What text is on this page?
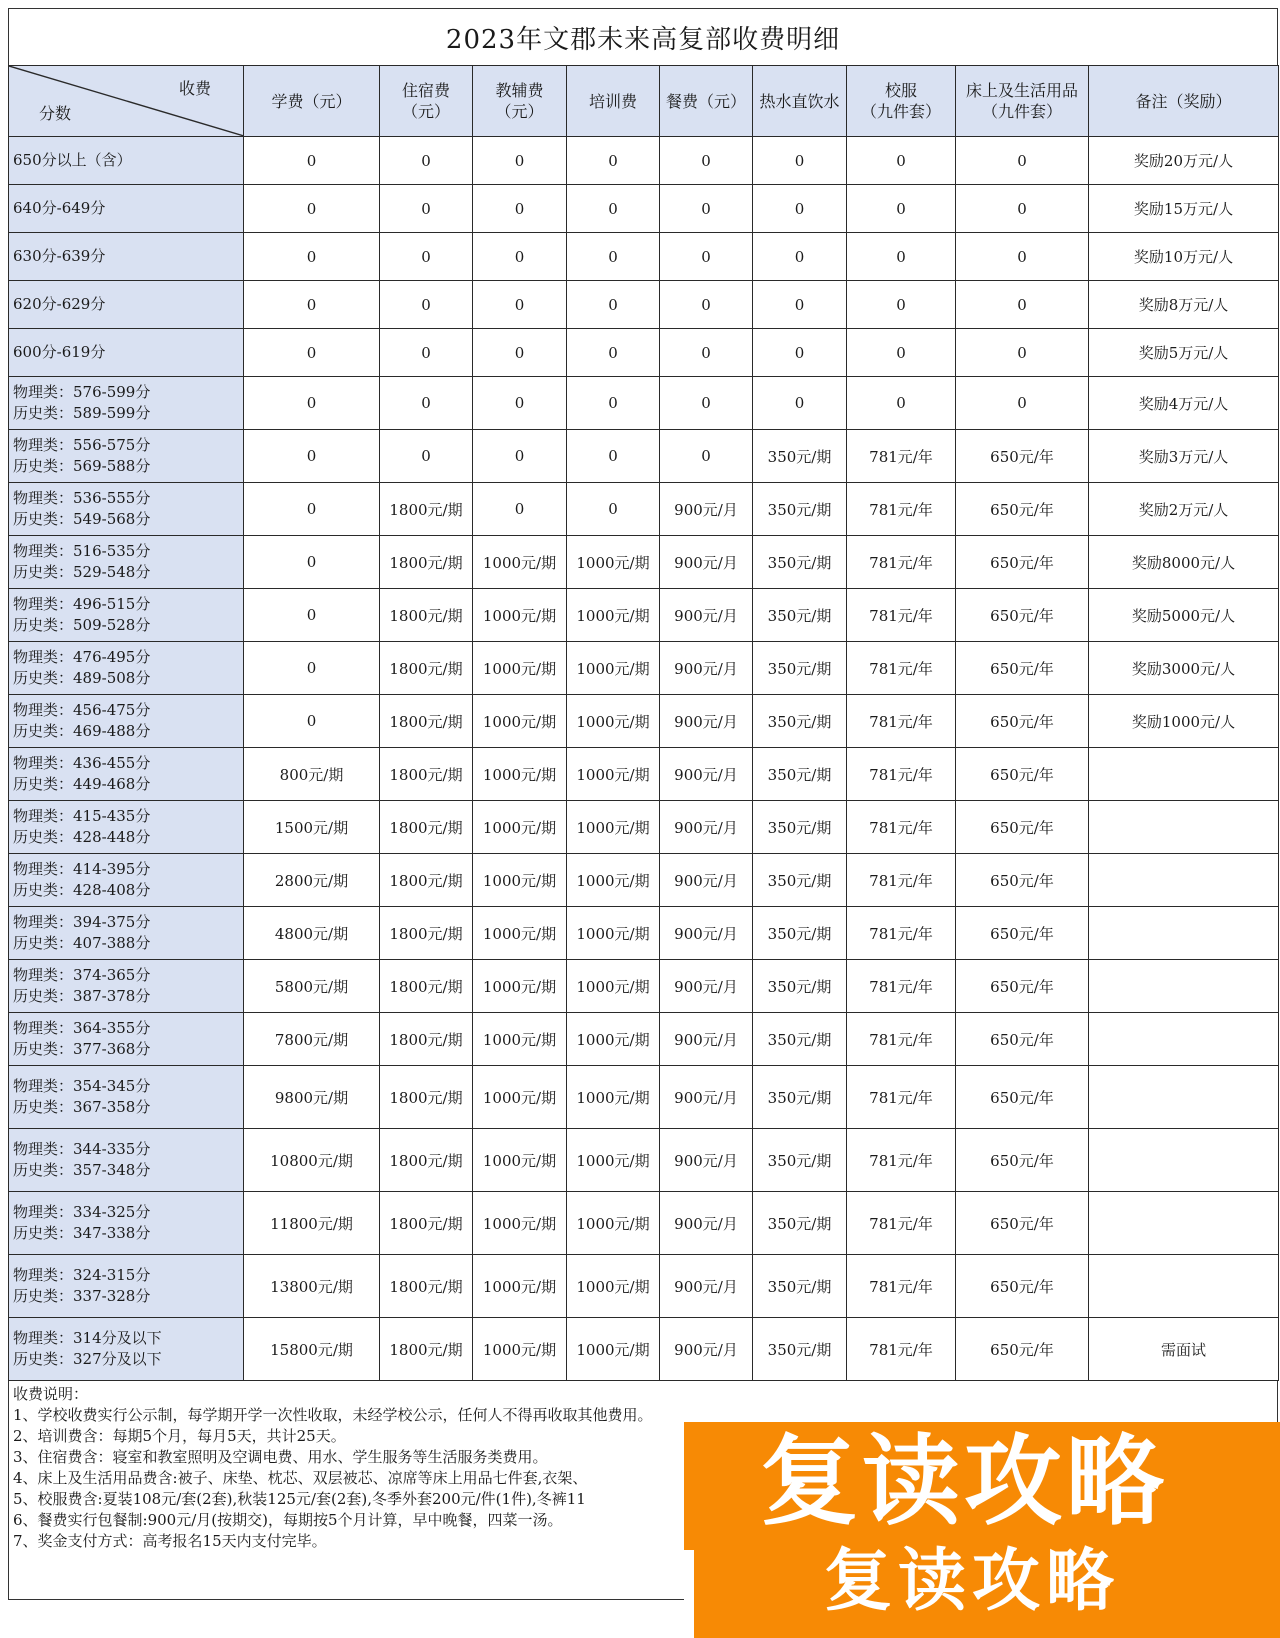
2023年文郡未来高复部收费明细
收费
分数	学费（元）	住宿费
（元）	教辅费
（元）	培训费	餐费（元）	热水直饮水	校服
（九件套）	床上及生活用品
（九件套）	备注（奖励）

650分以上（含）	0	0	0	0	0	0	0	0	奖励20万元/人
640分-649分	0	0	0	0	0	0	0	0	奖励15万元/人
630分-639分	0	0	0	0	0	0	0	0	奖励10万元/人
620分-629分	0	0	0	0	0	0	0	0	奖励8万元/人
600分-619分	0	0	0	0	0	0	0	0	奖励5万元/人
物理类：576-599分
历史类：589-599分	0	0	0	0	0	0	0	0	奖励4万元/人
物理类：556-575分
历史类：569-588分	0	0	0	0	0	350元/期	781元/年	650元/年	奖励3万元/人
物理类：536-555分
历史类：549-568分	0	1800元/期	0	0	900元/月	350元/期	781元/年	650元/年	奖励2万元/人
物理类：516-535分
历史类：529-548分	0	1800元/期	1000元/期	1000元/期	900元/月	350元/期	781元/年	650元/年	奖励8000元/人
物理类：496-515分
历史类：509-528分	0	1800元/期	1000元/期	1000元/期	900元/月	350元/期	781元/年	650元/年	奖励5000元/人
物理类：476-495分
历史类：489-508分	0	1800元/期	1000元/期	1000元/期	900元/月	350元/期	781元/年	650元/年	奖励3000元/人
物理类：456-475分
历史类：469-488分	0	1800元/期	1000元/期	1000元/期	900元/月	350元/期	781元/年	650元/年	奖励1000元/人
物理类：436-455分
历史类：449-468分	800元/期	1800元/期	1000元/期	1000元/期	900元/月	350元/期	781元/年	650元/年	
物理类：415-435分
历史类：428-448分	1500元/期	1800元/期	1000元/期	1000元/期	900元/月	350元/期	781元/年	650元/年	
物理类：414-395分
历史类：428-408分	2800元/期	1800元/期	1000元/期	1000元/期	900元/月	350元/期	781元/年	650元/年	
物理类：394-375分
历史类：407-388分	4800元/期	1800元/期	1000元/期	1000元/期	900元/月	350元/期	781元/年	650元/年	
物理类：374-365分
历史类：387-378分	5800元/期	1800元/期	1000元/期	1000元/期	900元/月	350元/期	781元/年	650元/年	
物理类：364-355分
历史类：377-368分	7800元/期	1800元/期	1000元/期	1000元/期	900元/月	350元/期	781元/年	650元/年	
物理类：354-345分
历史类：367-358分	9800元/期	1800元/期	1000元/期	1000元/期	900元/月	350元/期	781元/年	650元/年	
物理类：344-335分
历史类：357-348分	10800元/期	1800元/期	1000元/期	1000元/期	900元/月	350元/期	781元/年	650元/年	
物理类：334-325分
历史类：347-338分	11800元/期	1800元/期	1000元/期	1000元/期	900元/月	350元/期	781元/年	650元/年	
物理类：324-315分
历史类：337-328分	13800元/期	1800元/期	1000元/期	1000元/期	900元/月	350元/期	781元/年	650元/年	
物理类：314分及以下
历史类：327分及以下	15800元/期	1800元/期	1000元/期	1000元/期	900元/月	350元/期	781元/年	650元/年	需面试
收费说明：
1、学校收费实行公示制，每学期开学一次性收取，未经学校公示，任何人不得再收取其他费用。
2、培训费含：每期5个月，每月5天，共计25天。
3、住宿费含：寝室和教室照明及空调电费、用水、学生服务等生活服务类费用。
4、床上及生活用品费含:被子、床垫、枕芯、双层被芯、凉席等床上用品七件套,衣架、
5、校服费含:夏装108元/套(2套),秋装125元/套(2套),冬季外套200元/件(1件),冬裤11
6、餐费实行包餐制:900元/月(按期交)，每期按5个月计算，早中晚餐，四菜一汤。
7、奖金支付方式：高考报名15天内支付完毕。
复读攻略
复读攻略
